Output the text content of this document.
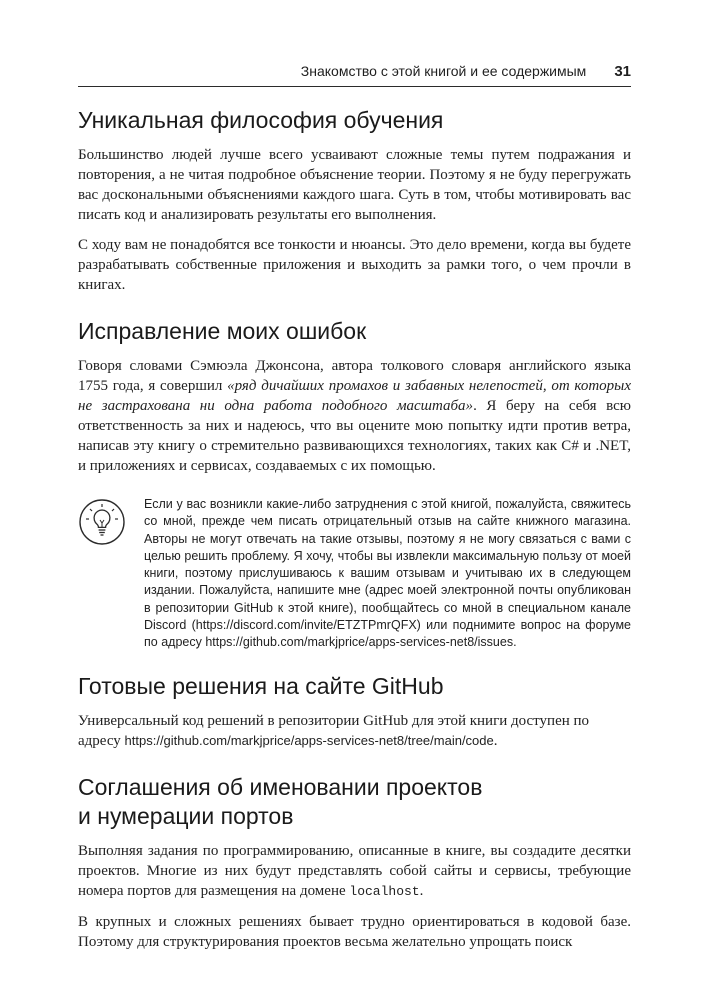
Знакомство с этой книгой и ее содержимым 31
Уникальная философия обучения

Большинство людей лучше всего усваивают сложные темы путем подражания и повторения, а не читая подробное объяснение теории. Поэтому я не буду перегружать вас доскональными объяснениями каждого шага. Суть в том, чтобы мотивировать вас писать код и анализировать результаты его выполнения.

С ходу вам не понадобятся все тонкости и нюансы. Это дело времени, когда вы будете разрабатывать собственные приложения и выходить за рамки того, о чем прочли в книгах.

Исправление моих ошибок

Говоря словами Сэмюэла Джонсона, автора толкового словаря английского языка 1755 года, я совершил «ряд дичайших промахов и забавных нелепостей, от которых не застрахована ни одна работа подобного масштаба». Я беру на себя всю ответственность за них и надеюсь, что вы оцените мою попытку идти против ветра, написав эту книгу о стремительно развивающихся технологиях, таких как C# и .NET, и приложениях и сервисах, создаваемых с их помощью.

Если у вас возникли какие-либо затруднения с этой книгой, пожалуйста, свяжитесь со мной, прежде чем писать отрицательный отзыв на сайте книжного магазина. Авторы не могут отвечать на такие отзывы, поэтому я не могу связаться с вами с целью решить проблему. Я хочу, чтобы вы извлекли максимальную пользу от моей книги, поэтому прислушиваюсь к вашим отзывам и учитываю их в следующем издании. Пожалуйста, напишите мне (адрес моей электронной почты опубликован в репозитории GitHub к этой книге), пообщайтесь со мной в специальном канале Discord (https://discord.com/invite/ETZTPmrQFX) или поднимите вопрос на форуме по адресу https://github.com/markjprice/apps-services-net8/issues.
Готовые решения на сайте GitHub

Универсальный код решений в репозитории GitHub для этой книги доступен по адресу https://github.com/markjprice/apps-services-net8/tree/main/code.

Соглашения об именовании проектов
и нумерации портов

Выполняя задания по программированию, описанные в книге, вы создадите десятки проектов. Многие из них будут представлять собой сайты и сервисы, требующие номера портов для размещения на домене localhost.

В крупных и сложных решениях бывает трудно ориентироваться в кодовой базе. Поэтому для структурирования проектов весьма желательно упрощать поиск
